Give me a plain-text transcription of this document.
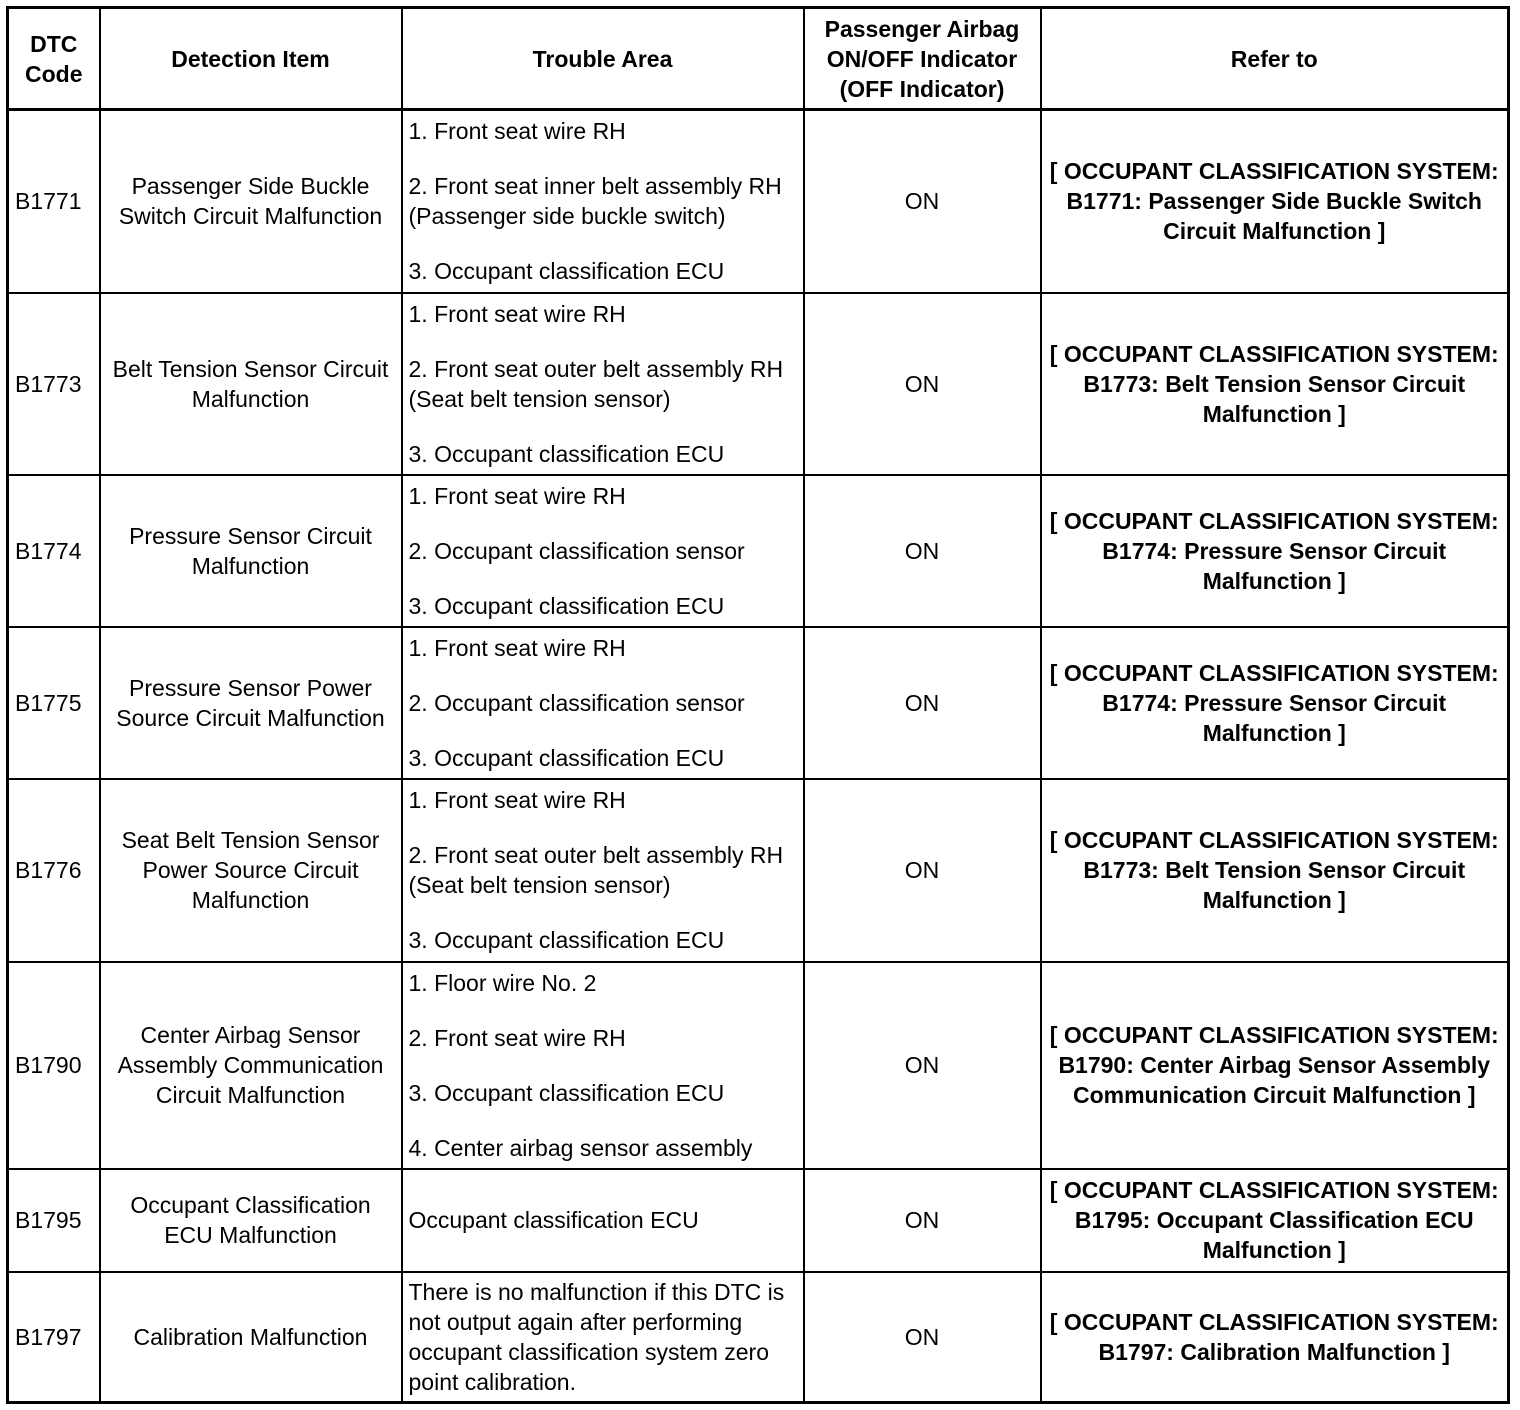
DTC
Code	Detection Item	Trouble Area	Passenger Airbag
ON/OFF Indicator
(OFF Indicator)	Refer to
B1771	Passenger Side Buckle Switch Circuit Malfunction	1. Front seat wire RH
2. Front seat inner belt assembly RH (Passenger side buckle switch)
3. Occupant classification ECU	ON	[ OCCUPANT CLASSIFICATION SYSTEM: B1771: Passenger Side Buckle Switch Circuit Malfunction ]
B1773	Belt Tension Sensor Circuit Malfunction	1. Front seat wire RH
2. Front seat outer belt assembly RH (Seat belt tension sensor)
3. Occupant classification ECU	ON	[ OCCUPANT CLASSIFICATION SYSTEM: B1773: Belt Tension Sensor Circuit Malfunction ]
B1774	Pressure Sensor Circuit Malfunction	1. Front seat wire RH
2. Occupant classification sensor
3. Occupant classification ECU	ON	[ OCCUPANT CLASSIFICATION SYSTEM: B1774: Pressure Sensor Circuit Malfunction ]
B1775	Pressure Sensor Power Source Circuit Malfunction	1. Front seat wire RH
2. Occupant classification sensor
3. Occupant classification ECU	ON	[ OCCUPANT CLASSIFICATION SYSTEM: B1774: Pressure Sensor Circuit Malfunction ]
B1776	Seat Belt Tension Sensor Power Source Circuit Malfunction	1. Front seat wire RH
2. Front seat outer belt assembly RH (Seat belt tension sensor)
3. Occupant classification ECU	ON	[ OCCUPANT CLASSIFICATION SYSTEM: B1773: Belt Tension Sensor Circuit Malfunction ]
B1790	Center Airbag Sensor Assembly Communication Circuit Malfunction	1. Floor wire No. 2
2. Front seat wire RH
3. Occupant classification ECU
4. Center airbag sensor assembly	ON	[ OCCUPANT CLASSIFICATION SYSTEM: B1790: Center Airbag Sensor Assembly Communication Circuit Malfunction ]
B1795	Occupant Classification ECU Malfunction	Occupant classification ECU	ON	[ OCCUPANT CLASSIFICATION SYSTEM: B1795: Occupant Classification ECU Malfunction ]
B1797	Calibration Malfunction	There is no malfunction if this DTC is not output again after performing occupant classification system zero point calibration.	ON	[ OCCUPANT CLASSIFICATION SYSTEM: B1797: Calibration Malfunction ]
